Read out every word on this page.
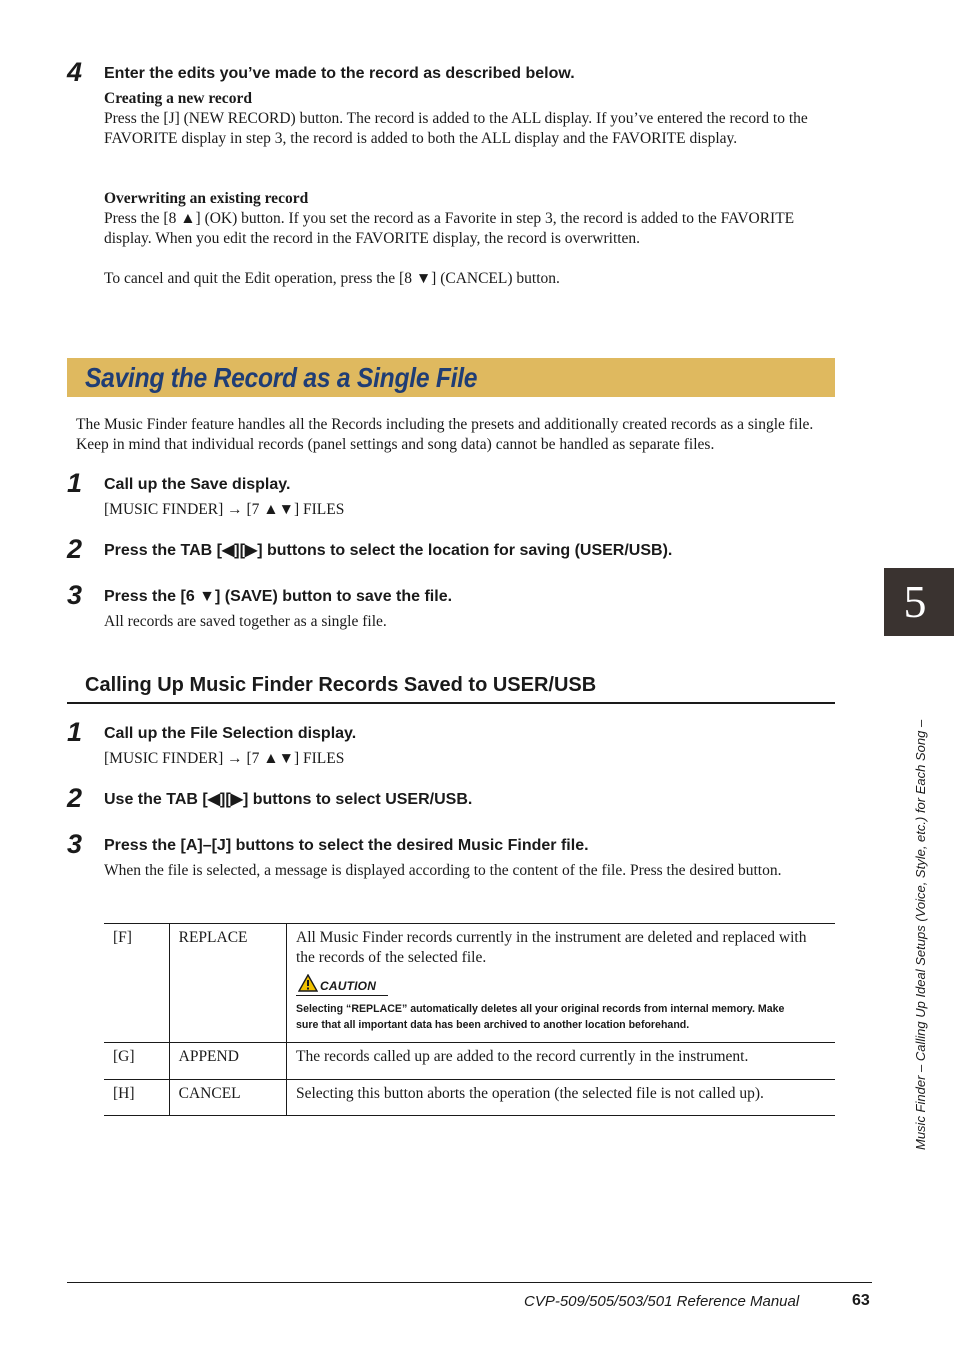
4 Enter the edits you’ve made to the record as described below.
Creating a new record
Press the [J] (NEW RECORD) button. The record is added to the ALL display. If you’ve entered the record to the FAVORITE display in step 3, the record is added to both the ALL display and the FAVORITE display.
Overwriting an existing record
Press the [8 ▲] (OK) button. If you set the record as a Favorite in step 3, the record is added to the FAVORITE display. When you edit the record in the FAVORITE display, the record is overwritten.
To cancel and quit the Edit operation, press the [8 ▼] (CANCEL) button.
Saving the Record as a Single File
The Music Finder feature handles all the Records including the presets and additionally created records as a single file. Keep in mind that individual records (panel settings and song data) cannot be handled as separate files.
1 Call up the Save display.
[MUSIC FINDER] → [7 ▲▼] FILES
2 Press the TAB [◀][▶] buttons to select the location for saving (USER/USB).
3 Press the [6 ▼] (SAVE) button to save the file.
All records are saved together as a single file.
Calling Up Music Finder Records Saved to USER/USB
1 Call up the File Selection display.
[MUSIC FINDER] → [7 ▲▼] FILES
2 Use the TAB [◀][▶] buttons to select USER/USB.
3 Press the [A]–[J] buttons to select the desired Music Finder file.
When the file is selected, a message is displayed according to the content of the file. Press the desired button.
[F]	REPLACE	All Music Finder records currently in the instrument are deleted and replaced with the records of the selected file.
CAUTION
Selecting “REPLACE” automatically deletes all your original records from internal memory. Make sure that all important data has been archived to another location beforehand.

[G]	APPEND	The records called up are added to the record currently in the instrument.
[H]	CANCEL	Selecting this button aborts the operation (the selected file is not called up).
5
Music Finder – Calling Up Ideal Setups (Voice, Style, etc.) for Each Song –
CVP-509/505/503/501 Reference Manual	63
